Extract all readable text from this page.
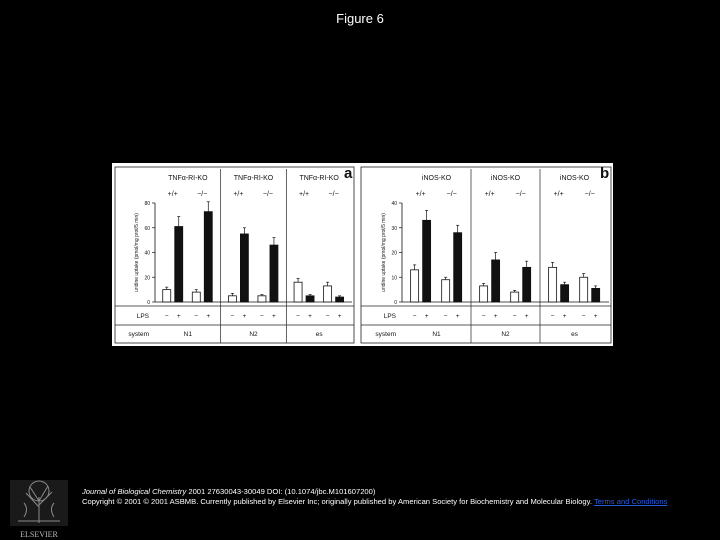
Figure 6
a
TNFα-RI-KO	TNFα-RI-KO	TNFα-RI-KO
+/+	−/−	+/+	−/−	+/+	−/−
0
20
40
60
80
uridine uptake (pmol/mg prot/5 min)
LPS
system
− + − +	− + − +	− + − +
N1	N2	es
b
iNOS-KO	iNOS-KO	iNOS-KO
+/+	−/−	+/+	−/−	+/+	−/−
0
10
20
30
40
uridine uptake (pmol/mg prot/5 min)
LPS
system
− + − +	− + − +	− + − +
N1	N2	es
ELSEVIER
Journal of Biological Chemistry 2001 27630043-30049 DOI: (10.1074/jbc.M101607200)
Copyright © 2001 © 2001 ASBMB. Currently published by Elsevier Inc; originally published by American Society for Biochemistry and Molecular Biology. Terms and Conditions
